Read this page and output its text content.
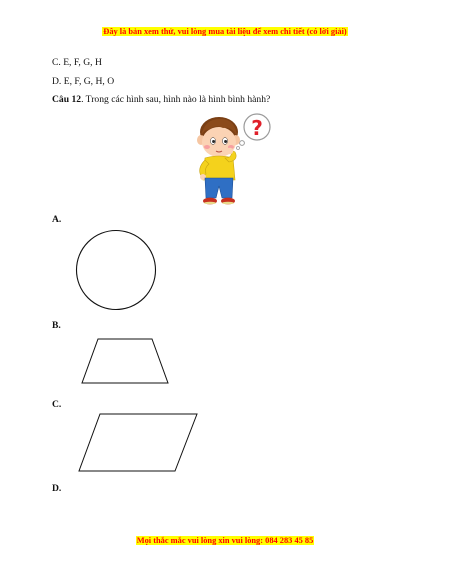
Đây là bản xem thử, vui lòng mua tài liệu để xem chi tiết (có lời giải)
C. E, F, G, H
D. E, F, G, H, O
Câu 12. Trong các hình sau, hình nào là hình bình hành?
?
A.
B.
C.
D.
Mọi thắc mắc vui lòng xin vui lòng: 084 283 45 85
